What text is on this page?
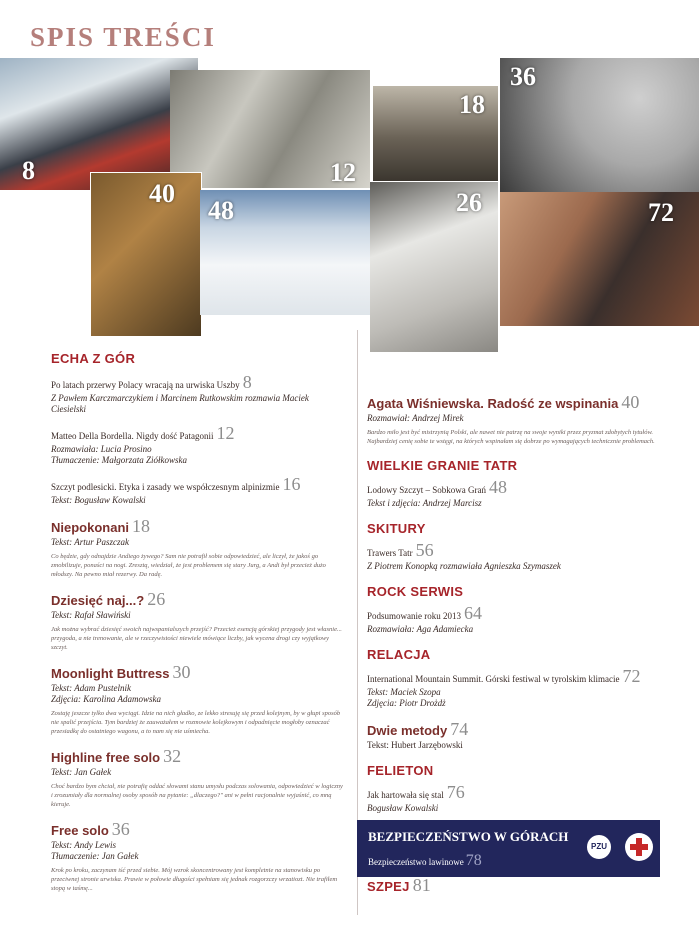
SPIS TREŚCI
8	12
18
36
40
48	26	72
ECHA Z GÓR
Po latach przerwy Polacy wracają na urwiska Uszby 8
Z Pawłem Karczmarczykiem i Marcinem Rutkowskim rozmawia Maciek Ciesielski
Matteo Della Bordella. Nigdy dość Patagonii 12
Rozmawiała: Lucia Prosino
Tłumaczenie: Małgorzata Ziółkowska
Szczyt podlesicki. Etyka i zasady we współczesnym alpinizmie 16
Tekst: Bogusław Kowalski
Niepokonani 18
Tekst: Artur Paszczak
Co będzie, gdy odnajdzie Andiego żywego? Sam nie potrafił sobie odpowiedzieć, ale liczył, że jakoś go zmobilizuje, ponaści na nogi. Zresztą, wiedział, że jest problemem się stary Jurg, a Andi był przecież dużo młodszy. Na pewno miał rezerwy. Da radę.
Dziesięć naj...? 26
Tekst: Rafał Sławiński
Jak można wybrać dziesięć swoich najwspanialszych przejść? Przecież esencją górskiej przygody jest własnie... przygoda, a nie trenowanie, ale w rzeczywistości niewiele mówiące liczby, jak wycena drogi czy wyjątkowy szczyt.
Moonlight Buttress 30
Tekst: Adam Pustelnik
Zdjęcia: Karolina Adamowska
Zostaję jeszcze tylko dwa wyciągi. Idzie na nich gładko, ze lekko stresuję się przed kolejnym, by w głupi sposób nie spalić przejścia. Tym bardziej że zauważałem w rozmowie kolejkowym i odpadnięcie mogłoby oznaczać przesiadkę do ostatniego wagonu, a to nam się nie uśmiecha.
Highline free solo 32
Tekst: Jan Gałek
Choć bardzo bym chciał, nie potrafię oddać słowami stanu umysłu podczas solowania, odpowiedzieć w logiczny i zrozumiały dla normalnej osoby sposób na pytanie: „dlaczego?" ani w pełni racjonalnie wyjaśnić, co mną kieruje.
Free solo 36
Tekst: Andy Lewis
Tłumaczenie: Jan Gałek
Krok po kroku, zaczynam iść przed siebie. Mój wzrok skoncentrowany jest kompletnie na stanowisku po przeciwnej stronie urwiska. Prawie w połowie długości spełniam się jednak rozgorzczy wrzatiozt. Nie trafiłem stopą w taśmę...
Agata Wiśniewska. Radość ze wspinania 40
Rozmawiał: Andrzej Mirek
Bardzo miło jest być mistrzynią Polski, ale nawet nie patrzę na swoje wyniki przez pryzmat zdobytych tytułów. Najbardziej cenię sobie te wstęgi, na których wspinałam się dobrze po wymagających technicznie problemach.
WIELKIE GRANIE TATR
Lodowy Szczyt – Sobkowa Grań 48
Tekst i zdjęcia: Andrzej Marcisz
SKITURY
Trawers Tatr 56
Z Piotrem Konopką rozmawiała Agnieszka Szymaszek
ROCK SERWIS
Podsumowanie roku 2013 64
Rozmawiała: Aga Adamiecka
RELACJA
International Mountain Summit. Górski festiwal w tyrolskim klimacie 72
Tekst: Maciek Szopa
Zdjęcia: Piotr Drożdż
Dwie metody 74
Tekst: Hubert Jarzębowski
FELIETON
Jak hartowała się stal 76
Bogusław Kowalski
BEZPIECZEŃSTWO W GÓRACH
Bezpieczeństwo lawinowe 78
PZU
SZPEJ 81
